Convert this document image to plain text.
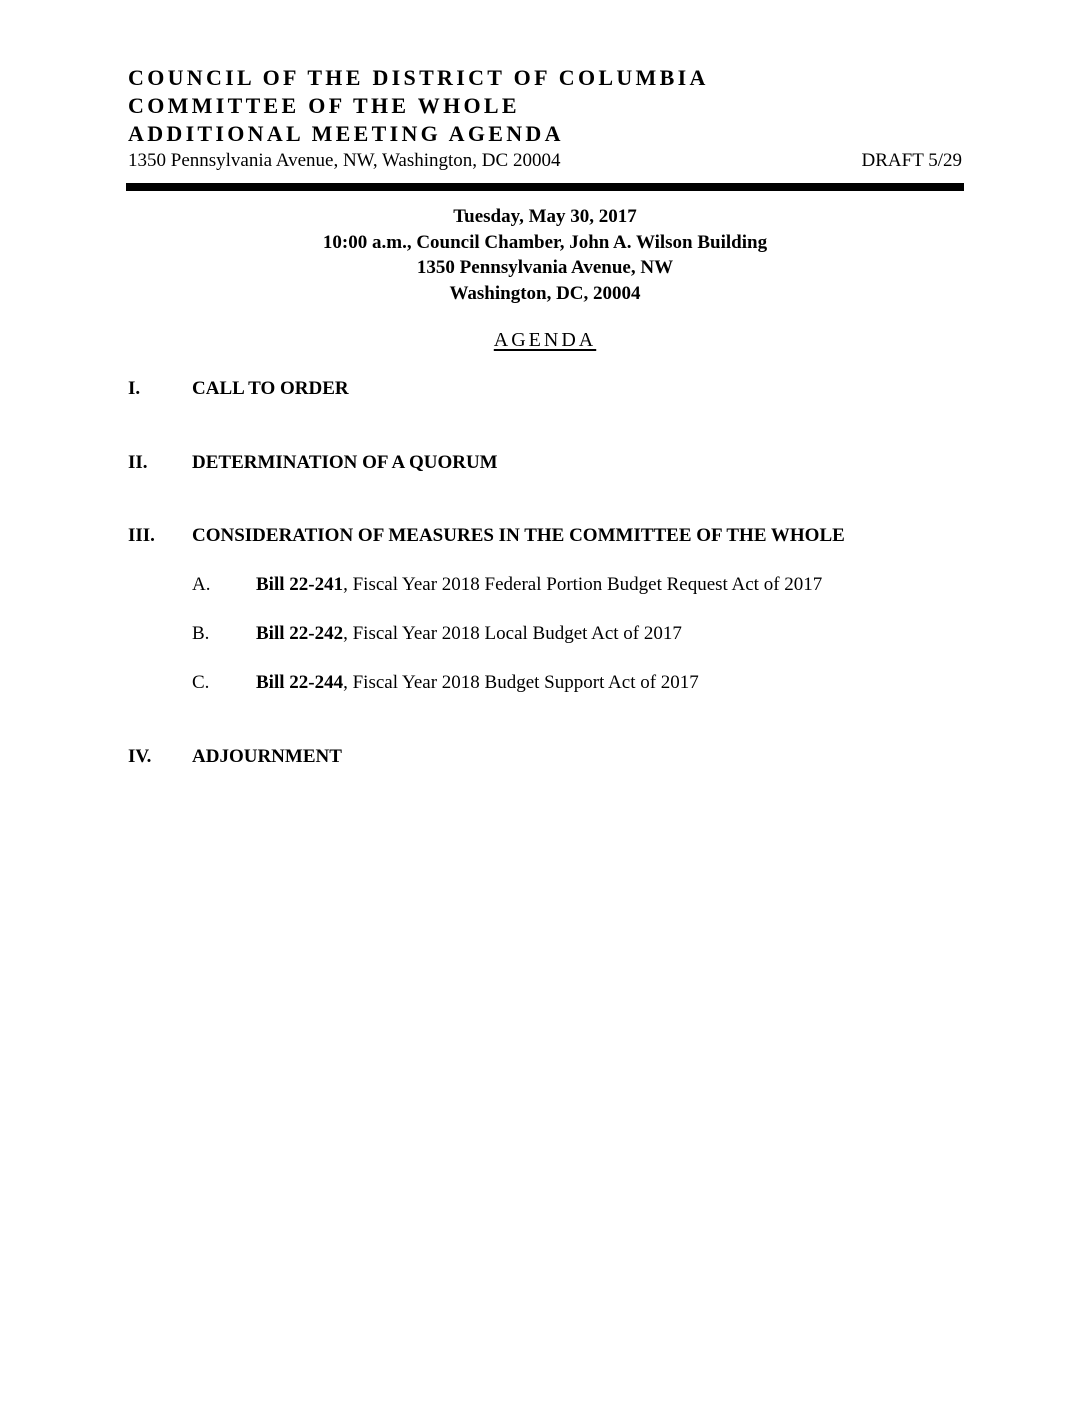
COUNCIL OF THE DISTRICT OF COLUMBIA
COMMITTEE OF THE WHOLE
ADDITIONAL MEETING AGENDA
1350 Pennsylvania Avenue, NW, Washington, DC 20004	DRAFT 5/29
Tuesday, May 30, 2017
10:00 a.m., Council Chamber, John A. Wilson Building
1350 Pennsylvania Avenue, NW
Washington, DC, 20004
AGENDA
I.	CALL TO ORDER
II. DETERMINATION OF A QUORUM
III. CONSIDERATION OF MEASURES IN THE COMMITTEE OF THE WHOLE
A. Bill 22-241, Fiscal Year 2018 Federal Portion Budget Request Act of 2017
B. Bill 22-242, Fiscal Year 2018 Local Budget Act of 2017
C. Bill 22-244, Fiscal Year 2018 Budget Support Act of 2017
IV. ADJOURNMENT
